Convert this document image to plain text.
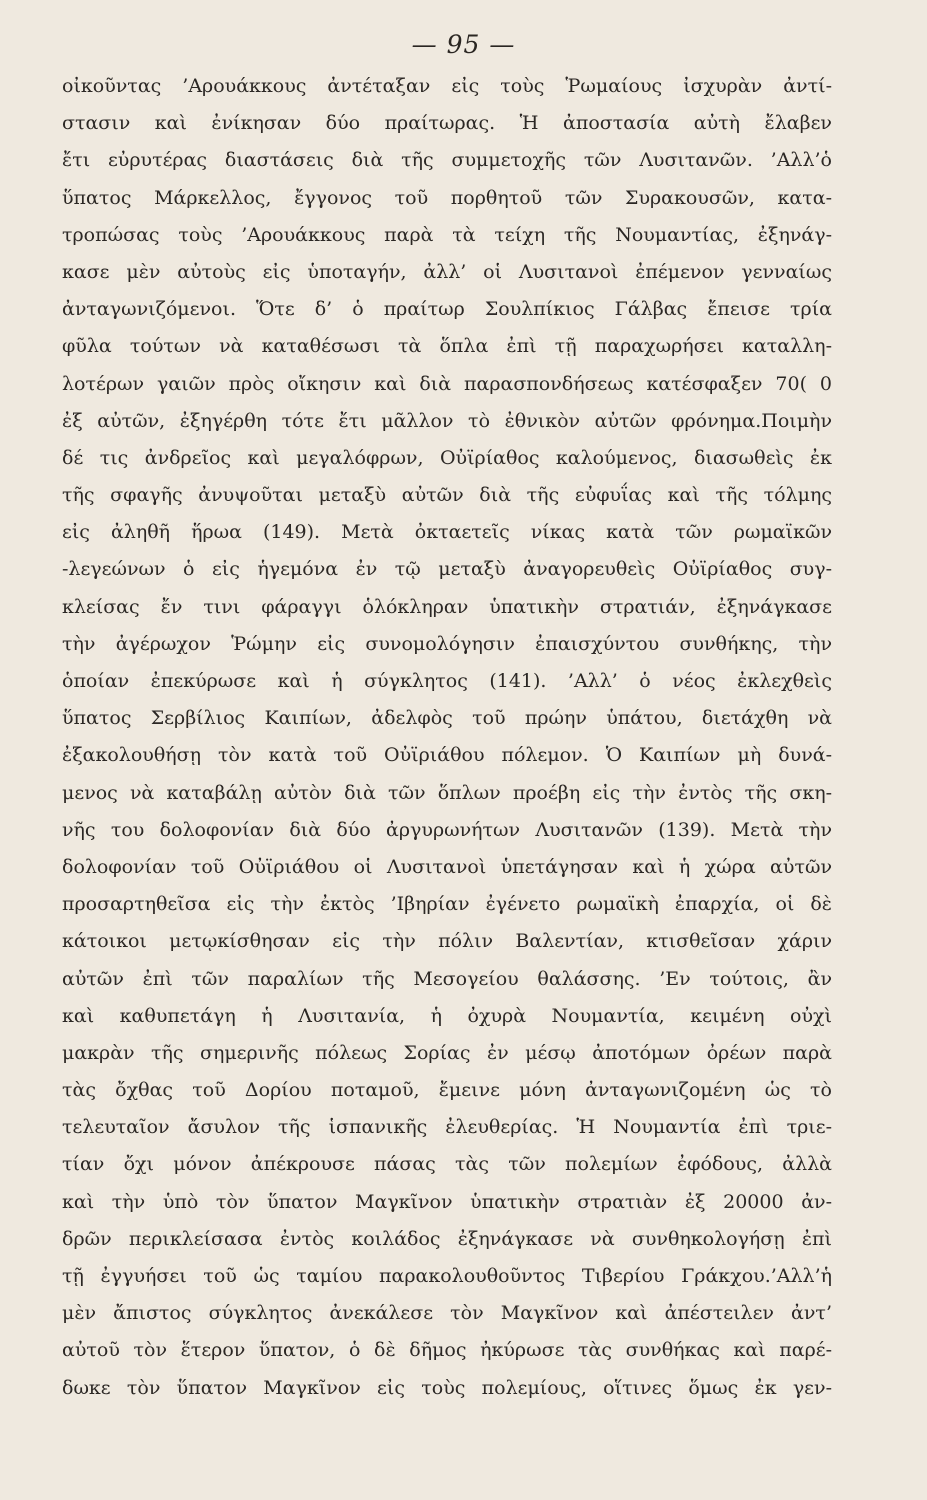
— 95 —
οἰκοῦντας ’Αρουάκκους ἀντέταξαν εἰς τοὺς Ῥωμαίους ἰσχυρὰν ἀντί-
στασιν καὶ ἐνίκησαν δύο πραίτωρας. Ἡ ἀποστασία αὐτὴ ἔλαβεν
ἔτι εὐρυτέρας διαστάσεις διὰ τῆς συμμετοχῆς τῶν Λυσιτανῶν. ’Αλλ’ὁ
ὕπατος Μάρκελλος, ἔγγονος τοῦ πορθητοῦ τῶν Συρακουσῶν, κατα-
τροπώσας τοὺς ’Αρουάκκους παρὰ τὰ τείχη τῆς Νουμαντίας, ἐξηνάγ-
κασε μὲν αὐτοὺς εἰς ὑποταγήν, ἀλλ’ οἱ Λυσιτανοὶ ἐπέμενον γενναίως
ἀνταγωνιζόμενοι. Ὅτε δ’ ὁ πραίτωρ Σουλπίκιος Γάλβας ἔπεισε τρία
φῦλα τούτων νὰ καταθέσωσι τὰ ὅπλα ἐπὶ τῇ παραχωρήσει καταλλη-
λοτέρων γαιῶν πρὸς οἴκησιν καὶ διὰ παρασπονδήσεως κατέσφαξεν 70( 0
ἐξ αὐτῶν, ἐξηγέρθη τότε ἔτι μᾶλλον τὸ ἐθνικὸν αὐτῶν φρόνημα.Ποιμὴν
δέ τις ἀνδρεῖος καὶ μεγαλόφρων, Οὐϊρίαθος καλούμενος, διασωθεὶς ἐκ
τῆς σφαγῆς ἀνυψοῦται μεταξὺ αὐτῶν διὰ τῆς εὐφυΐας καὶ τῆς τόλμης
εἰς ἀληθῆ ἥρωα (149). Μετὰ ὀκταετεῖς νίκας κατὰ τῶν ρωμαϊκῶν
-λεγεώνων ὁ εἰς ἡγεμόνα ἐν τῷ μεταξὺ ἀναγορευθεὶς Οὐϊρίαθος συγ-
κλείσας ἔν τινι φάραγγι ὁλόκληραν ὑπατικὴν στρατιάν, ἐξηνάγκασε
τὴν ἀγέρωχον Ῥώμην εἰς συνομολόγησιν ἐπαισχύντου συνθήκης, τὴν
ὁποίαν ἐπεκύρωσε καὶ ἡ σύγκλητος (141). ’Αλλ’ ὁ νέος ἐκλεχθεὶς
ὕπατος Σερβίλιος Καιπίων, ἀδελφὸς τοῦ πρώην ὑπάτου, διετάχθη νὰ
ἐξακολουθήσῃ τὸν κατὰ τοῦ Οὐϊριάθου πόλεμον. Ὁ Καιπίων μὴ δυνά-
μενος νὰ καταβάλῃ αὐτὸν διὰ τῶν ὅπλων προέβη εἰς τὴν ἐντὸς τῆς σκη-
νῆς του δολοφονίαν διὰ δύο ἀργυρωνήτων Λυσιτανῶν (139). Μετὰ τὴν
δολοφονίαν τοῦ Οὐϊριάθου οἱ Λυσιτανοὶ ὑπετάγησαν καὶ ἡ χώρα αὐτῶν
προσαρτηθεῖσα εἰς τὴν ἐκτὸς ’Ιβηρίαν ἐγένετο ρωμαϊκὴ ἐπαρχία, οἱ δὲ
κάτοικοι μετῳκίσθησαν εἰς τὴν πόλιν Βαλεντίαν, κτισθεῖσαν χάριν
αὐτῶν ἐπὶ τῶν παραλίων τῆς Μεσογείου θαλάσσης. ’Εν τούτοις, ἂν
καὶ καθυπετάγη ἡ Λυσιτανία, ἡ ὀχυρὰ Νουμαντία, κειμένη οὐχὶ
μακρὰν τῆς σημερινῆς πόλεως Σορίας ἐν μέσῳ ἀποτόμων ὀρέων παρὰ
τὰς ὄχθας τοῦ Δορίου ποταμοῦ, ἔμεινε μόνη ἀνταγωνιζομένη ὡς τὸ
τελευταῖον ἄσυλον τῆς ἱσπανικῆς ἐλευθερίας. Ἡ Νουμαντία ἐπὶ τριε-
τίαν ὄχι μόνον ἀπέκρουσε πάσας τὰς τῶν πολεμίων ἐφόδους, ἀλλὰ
καὶ τὴν ὑπὸ τὸν ὕπατον Μαγκῖνον ὑπατικὴν στρατιὰν ἐξ 20000 ἀν-
δρῶν περικλείσασα ἐντὸς κοιλάδος ἐξηνάγκασε νὰ συνθηκολογήσῃ ἐπὶ
τῇ ἐγγυήσει τοῦ ὡς ταμίου παρακολουθοῦντος Τιβερίου Γράκχου.’Αλλ’ἡ
μὲν ἄπιστος σύγκλητος ἀνεκάλεσε τὸν Μαγκῖνον καὶ ἀπέστειλεν ἀντ’
αὐτοῦ τὸν ἕτερον ὕπατον, ὁ δὲ δῆμος ἠκύρωσε τὰς συνθήκας καὶ παρέ-
δωκε τὸν ὕπατον Μαγκῖνον εἰς τοὺς πολεμίους, οἵτινες ὅμως ἐκ γεν-
